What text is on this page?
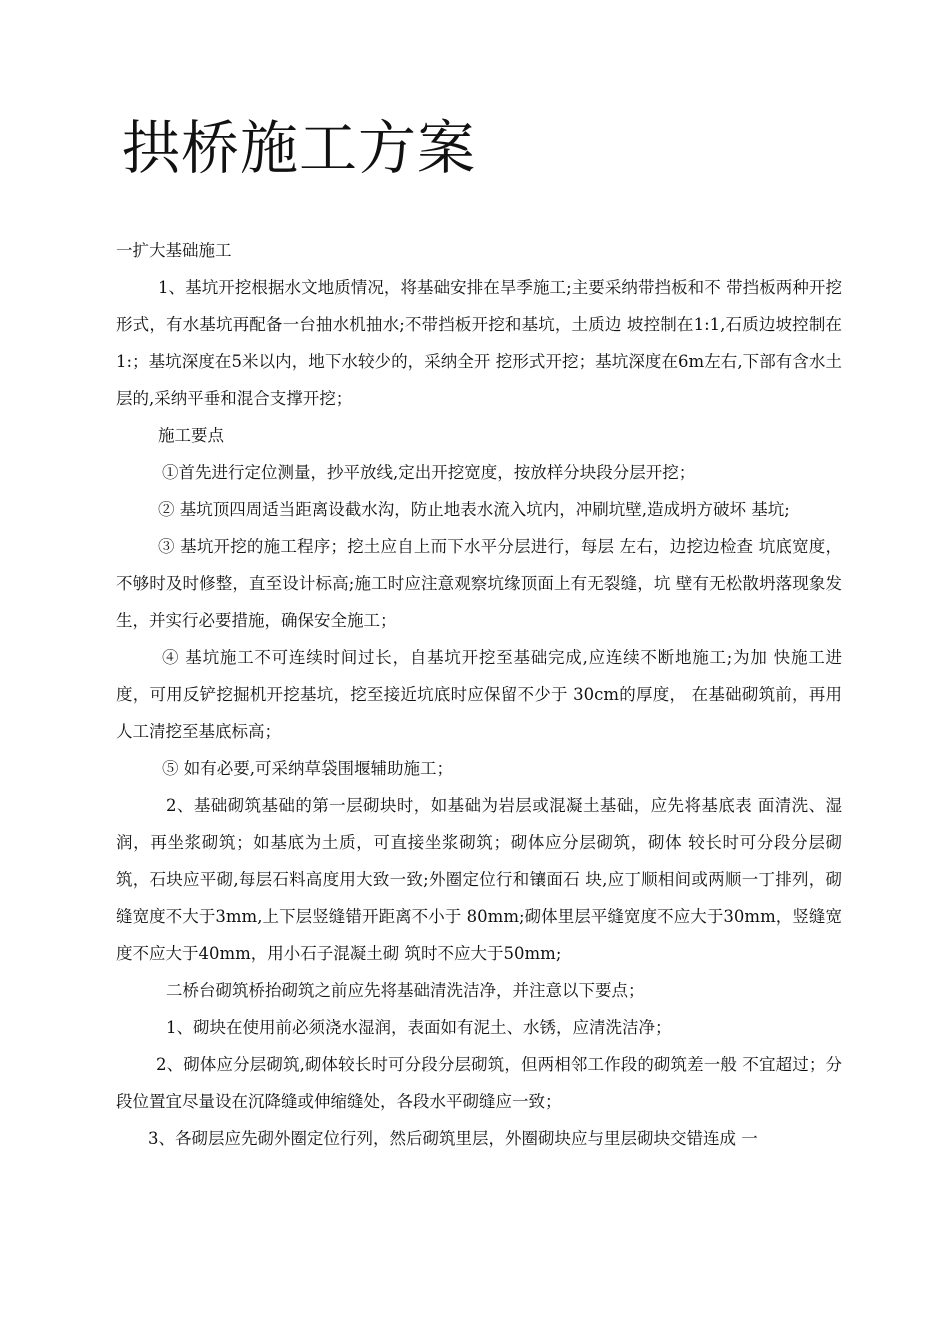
拱桥施工方案

一扩大基础施工

1、基坑开挖根据水文地质情况，将基础安排在旱季施工;主要采纳带挡板和不 带挡板两种开挖形式，有水基坑再配备一台抽水机抽水;不带挡板开挖和基坑，土质边 坡控制在1:1,石质边坡控制在1:；基坑深度在5米以内，地下水较少的，采纳全开 挖形式开挖；基坑深度在6m左右,下部有含水土层的,采纳平垂和混合支撑开挖；

施工要点

①首先进行定位测量，抄平放线,定出开挖宽度，按放样分块段分层开挖；

② 基坑顶四周适当距离设截水沟，防止地表水流入坑内，冲刷坑壁,造成坍方破坏 基坑;

③ 基坑开挖的施工程序；挖土应自上而下水平分层进行，每层 左右，边挖边检查 坑底宽度，不够时及时修整，直至设计标高;施工时应注意观察坑缘顶面上有无裂缝，坑 壁有无松散坍落现象发生，并实行必要措施，确保安全施工；

④ 基坑施工不可连续时间过长，自基坑开挖至基础完成,应连续不断地施工;为加 快施工进度，可用反铲挖掘机开挖基坑，挖至接近坑底时应保留不少于 30cm的厚度， 在基础砌筑前，再用人工清挖至基底标高；

⑤ 如有必要,可采纳草袋围堰辅助施工；

2、基础砌筑基础的第一层砌块时，如基础为岩层或混凝土基础，应先将基底表 面清洗、湿润，再坐浆砌筑；如基底为土质，可直接坐浆砌筑；砌体应分层砌筑，砌体 较长时可分段分层砌筑，石块应平砌,每层石料高度用大致一致;外圈定位行和镶面石 块,应丁顺相间或两顺一丁排列，砌缝宽度不大于3mm,上下层竖缝错开距离不小于 80mm;砌体里层平缝宽度不应大于30mm，竖缝宽度不应大于40mm，用小石子混凝土砌 筑时不应大于50mm;

二桥台砌筑桥抬砌筑之前应先将基础清洗洁净，并注意以下要点；

1、砌块在使用前必须浇水湿润，表面如有泥土、水锈，应清洗洁净；

2、砌体应分层砌筑,砌体较长时可分段分层砌筑，但两相邻工作段的砌筑差一般 不宜超过；分段位置宜尽量设在沉降缝或伸缩缝处，各段水平砌缝应一致；

3、各砌层应先砌外圈定位行列，然后砌筑里层，外圈砌块应与里层砌块交错连成 一
